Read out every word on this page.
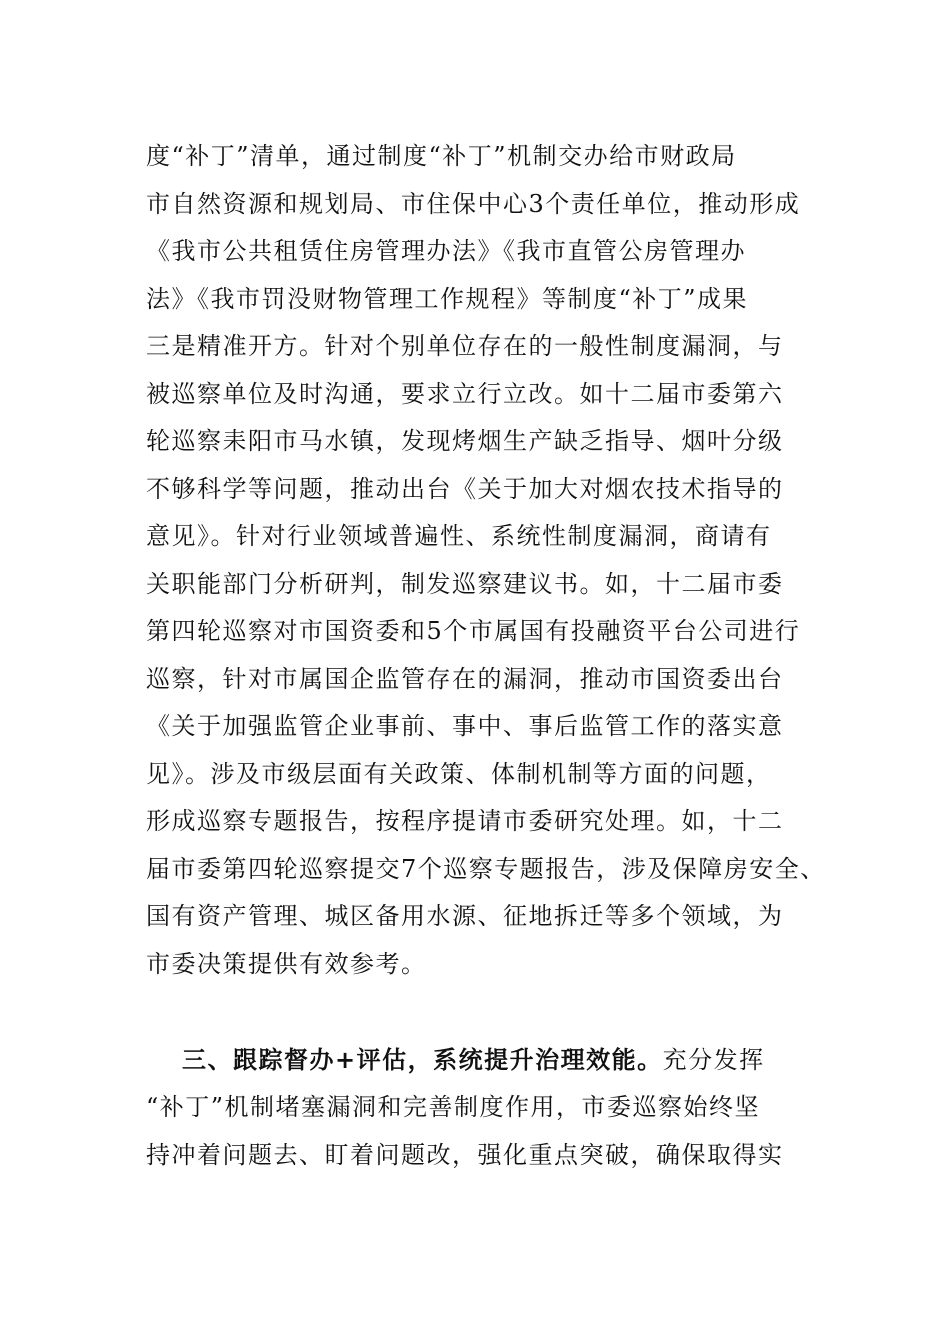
度“补丁”清单，通过制度“补丁”机制交办给市财政局
市自然资源和规划局、市住保中心3个责任单位，推动形成
《我市公共租赁住房管理办法》《我市直管公房管理办
法》《我市罚没财物管理工作规程》等制度“补丁”成果
三是精准开方。针对个别单位存在的一般性制度漏洞，与
被巡察单位及时沟通，要求立行立改。如十二届市委第六
轮巡察耒阳市马水镇，发现烤烟生产缺乏指导、烟叶分级
不够科学等问题，推动出台《关于加大对烟农技术指导的
意见》。针对行业领域普遍性、系统性制度漏洞，商请有
关职能部门分析研判，制发巡察建议书。如，十二届市委
第四轮巡察对市国资委和5个市属国有投融资平台公司进行
巡察，针对市属国企监管存在的漏洞，推动市国资委出台
《关于加强监管企业事前、事中、事后监管工作的落实意
见》。涉及市级层面有关政策、体制机制等方面的问题，
形成巡察专题报告，按程序提请市委研究处理。如，十二
届市委第四轮巡察提交7个巡察专题报告，涉及保障房安全、
国有资产管理、城区备用水源、征地拆迁等多个领域，为
市委决策提供有效参考。
三、跟踪督办+评估，系统提升治理效能。充分发挥
“补丁”机制堵塞漏洞和完善制度作用，市委巡察始终坚
持冲着问题去、盯着问题改，强化重点突破，确保取得实
